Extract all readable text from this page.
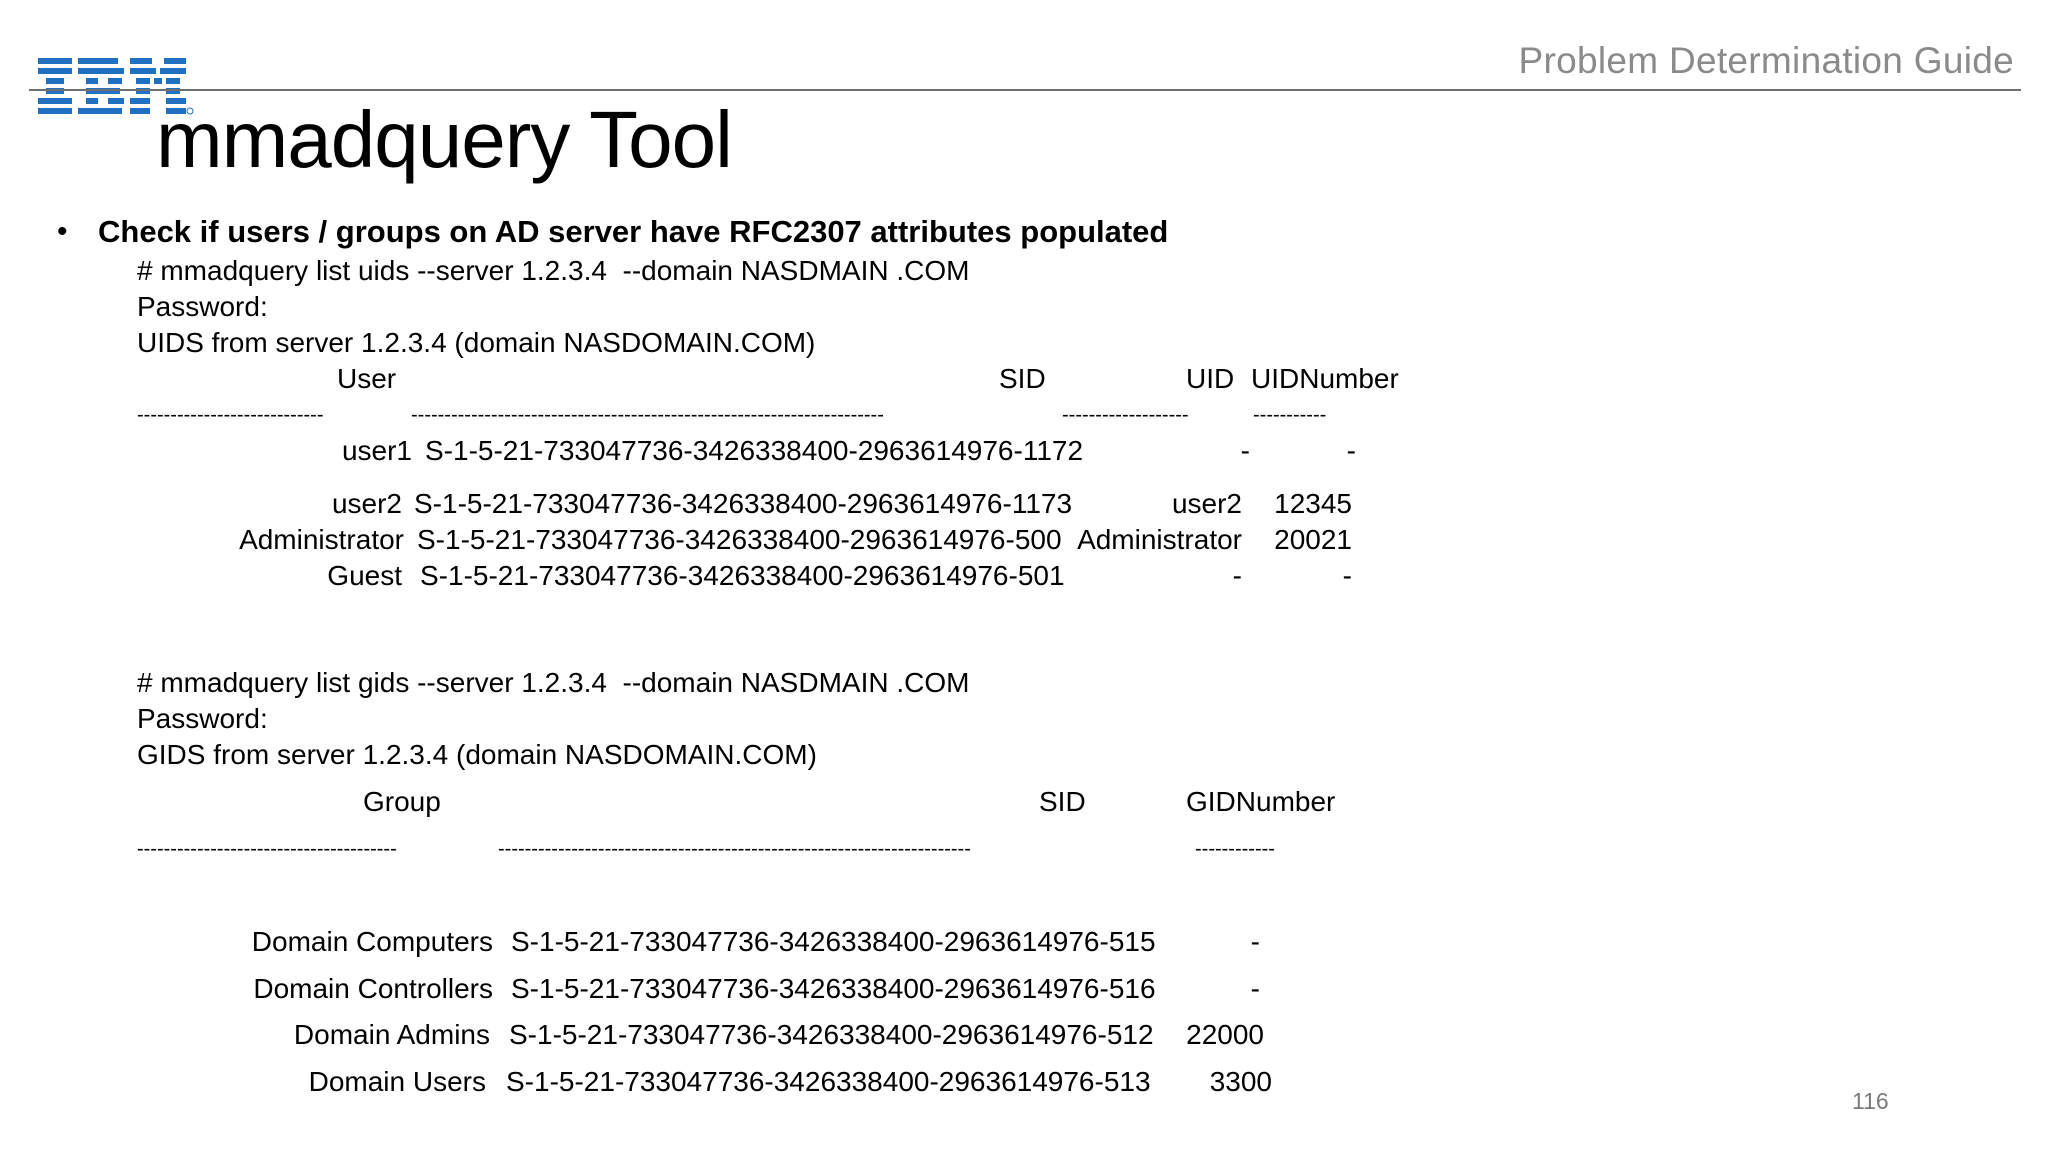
Problem Determination Guide
mmadquery Tool
• Check if users / groups on AD server have RFC2307 attributes populated
# mmadquery list uids --server 1.2.3.4  --domain NASDMAIN .COM
Password:
UIDS from server 1.2.3.4 (domain NASDOMAIN.COM)
User	SID	UID UIDNumber
----------------------------	-----------------------------------------------------------------------	-------------------	-----------
user1 S-1-5-21-733047736-3426338400-2963614976-1172	-	-
user2 S-1-5-21-733047736-3426338400-2963614976-1173	user2	12345
Administrator S-1-5-21-733047736-3426338400-2963614976-500 Administrator	20021
Guest S-1-5-21-733047736-3426338400-2963614976-501	-	-
# mmadquery list gids --server 1.2.3.4  --domain NASDMAIN .COM
Password:
GIDS from server 1.2.3.4 (domain NASDOMAIN.COM)
Group	SID	GIDNumber
---------------------------------------	-----------------------------------------------------------------------	------------
Domain Computers S-1-5-21-733047736-3426338400-2963614976-515	-
Domain Controllers S-1-5-21-733047736-3426338400-2963614976-516	-
Domain Admins S-1-5-21-733047736-3426338400-2963614976-512	22000
Domain Users S-1-5-21-733047736-3426338400-2963614976-513	3300
116
